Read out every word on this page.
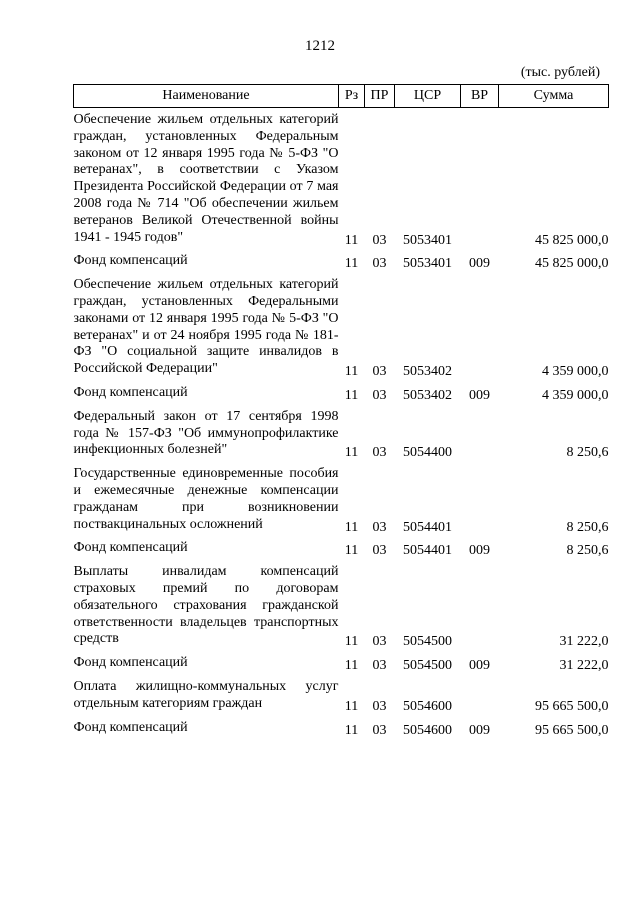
1212
(тыс. рублей)
Наименование	Рз	ПР	ЦСР	ВР	Сумма
Обеспечение жильем отдельных категорий граждан, установленных Федеральным законом от 12 января 1995 года № 5-ФЗ "О ветеранах", в соответствии с Указом Президента Российской Федерации от 7 мая 2008 года № 714 "Об обеспечении жильем ветеранов Великой Отечественной войны 1941 - 1945 годов"	11	03	5053401		45 825 000,0
Фонд компенсаций	11	03	5053401	009	45 825 000,0
Обеспечение жильем отдельных категорий граждан, установленных Федеральными законами от 12 января 1995 года № 5-ФЗ "О ветеранах" и от 24 ноября 1995 года № 181-ФЗ "О социальной защите инвалидов в Российской Федерации"	11	03	5053402		4 359 000,0
Фонд компенсаций	11	03	5053402	009	4 359 000,0
Федеральный закон от 17 сентября 1998 года № 157-ФЗ "Об иммунопрофилактике инфекционных болезней"	11	03	5054400		8 250,6
Государственные единовременные пособия и ежемесячные денежные компенсации гражданам при возникновении поствакцинальных осложнений	11	03	5054401		8 250,6
Фонд компенсаций	11	03	5054401	009	8 250,6
Выплаты инвалидам компенсаций страховых премий по договорам обязательного страхования гражданской ответственности владельцев транспортных средств	11	03	5054500		31 222,0
Фонд компенсаций	11	03	5054500	009	31 222,0
Оплата жилищно-коммунальных услуг отдельным категориям граждан	11	03	5054600		95 665 500,0
Фонд компенсаций	11	03	5054600	009	95 665 500,0
